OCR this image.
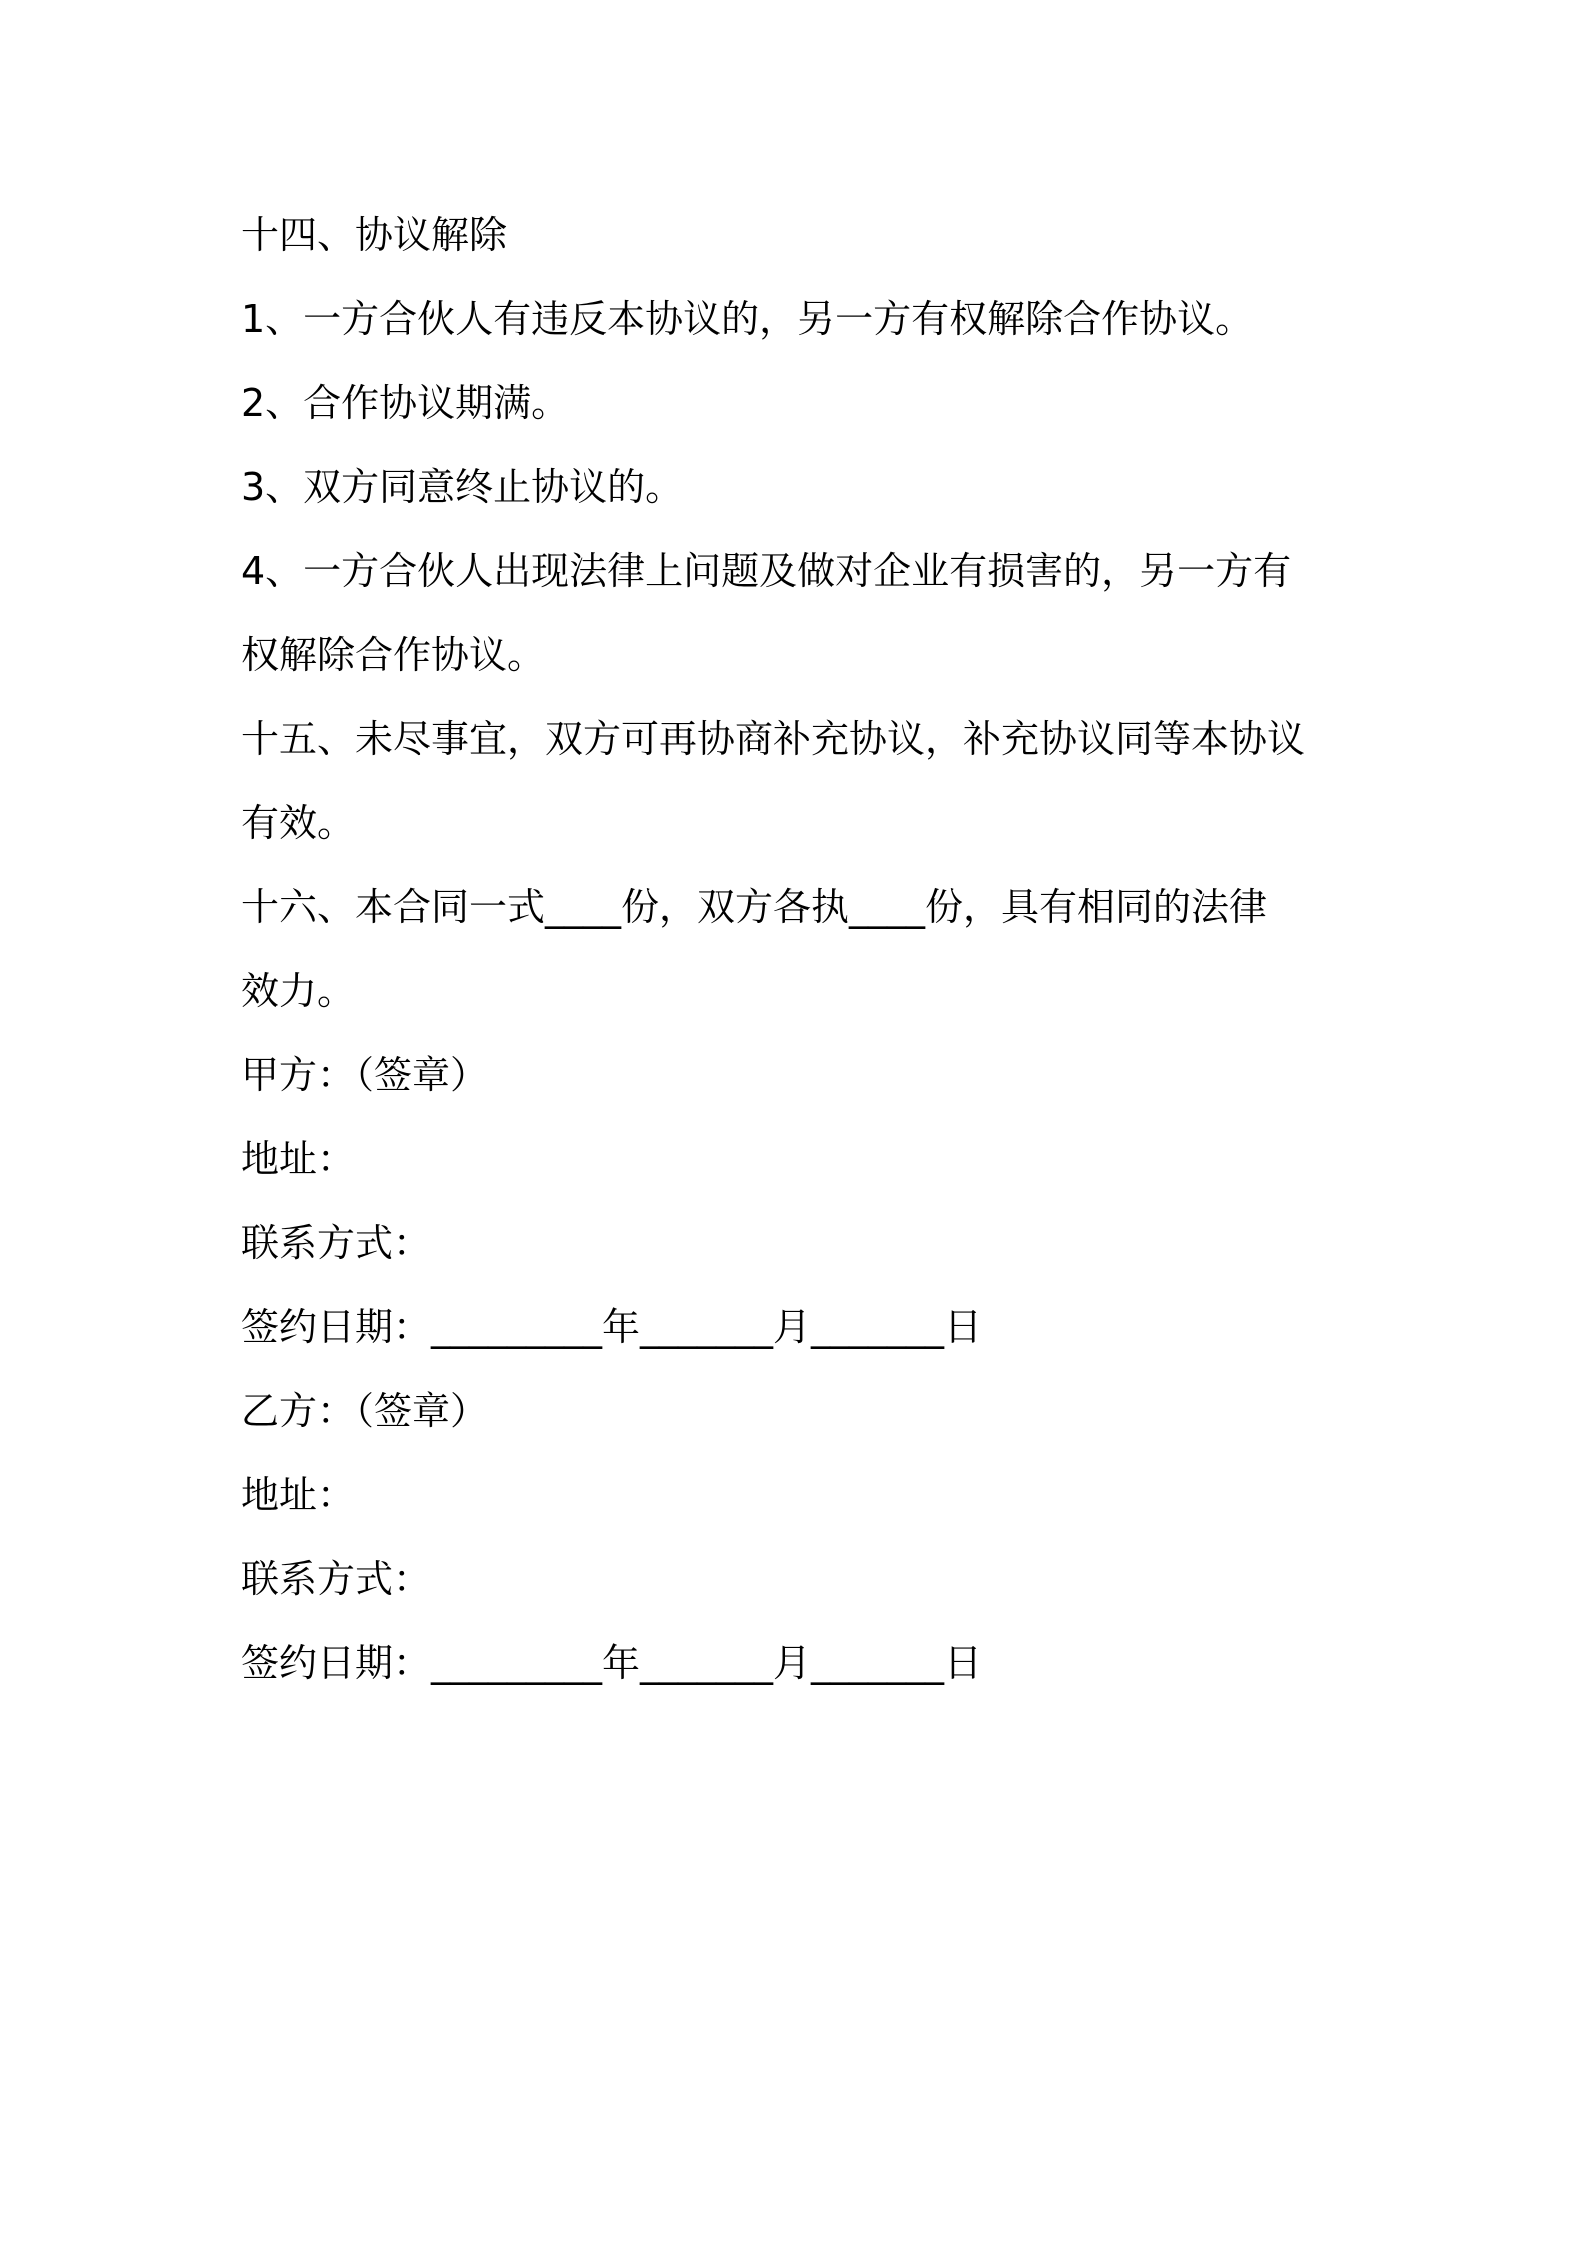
十四、协议解除
1、一方合伙人有违反本协议的，另一方有权解除合作协议。
2、合作协议期满。
3、双方同意终止协议的。
4、一方合伙人出现法律上问题及做对企业有损害的，另一方有
权解除合作协议。
十五、未尽事宜，双方可再协商补充协议，补充协议同等本协议
有效。
十六、本合同一式____份，双方各执____份，具有相同的法律
效力。
甲方：（签章）
地址：
联系方式：
签约日期：_________年_______月_______日
乙方：（签章）
地址：
联系方式：
签约日期：_________年_______月_______日
